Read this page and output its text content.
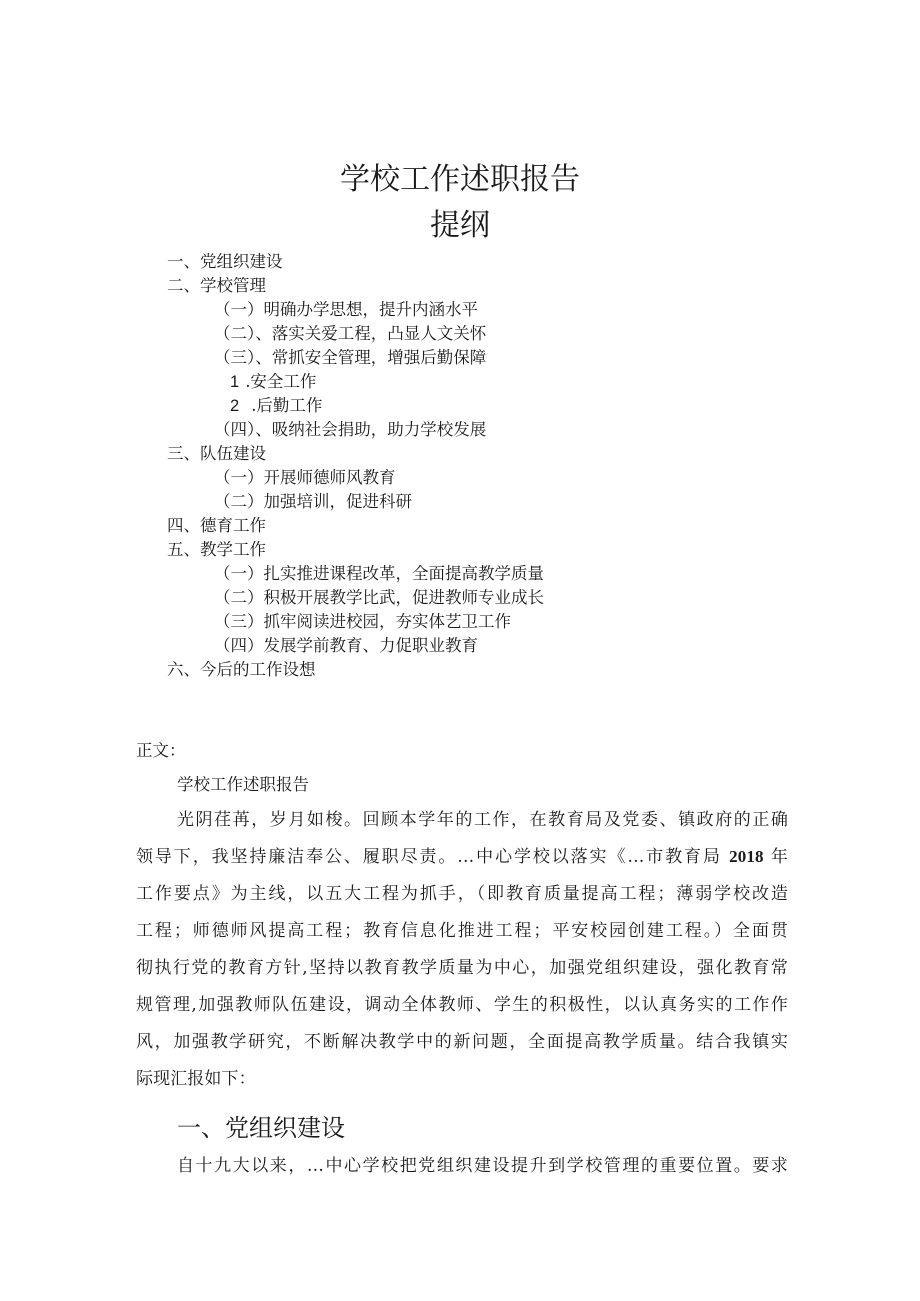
学校工作述职报告
提纲
一、党组织建设
二、学校管理
（一）明确办学思想，提升内涵水平
（二）、落实关爱工程，凸显人文关怀
（三）、常抓安全管理，增强后勤保障
1 .安全工作
2 .后勤工作
（四）、吸纳社会捐助，助力学校发展
三、队伍建设
（一）开展师德师风教育
（二）加强培训，促进科研
四、德育工作
五、教学工作
（一）扎实推进课程改革，全面提高教学质量
（二）积极开展教学比武，促进教师专业成长
（三）抓牢阅读进校园，夯实体艺卫工作
（四）发展学前教育、力促职业教育
六、今后的工作设想
正文：
学校工作述职报告
光阴荏苒，岁月如梭。回顾本学年的工作，在教育局及党委、镇政府的正确
领导下，我坚持廉洁奉公、履职尽责。…中心学校以落实《…市教育局 2018 年
工作要点》为主线，以五大工程为抓手，（即教育质量提高工程；薄弱学校改造
工程；师德师风提高工程；教育信息化推进工程；平安校园创建工程。）全面贯
彻执行党的教育方针,坚持以教育教学质量为中心，加强党组织建设，强化教育常
规管理,加强教师队伍建设，调动全体教师、学生的积极性，以认真务实的工作作
风，加强教学研究，不断解决教学中的新问题，全面提高教学质量。结合我镇实
际现汇报如下：
一、党组织建设
自十九大以来，…中心学校把党组织建设提升到学校管理的重要位置。要求
